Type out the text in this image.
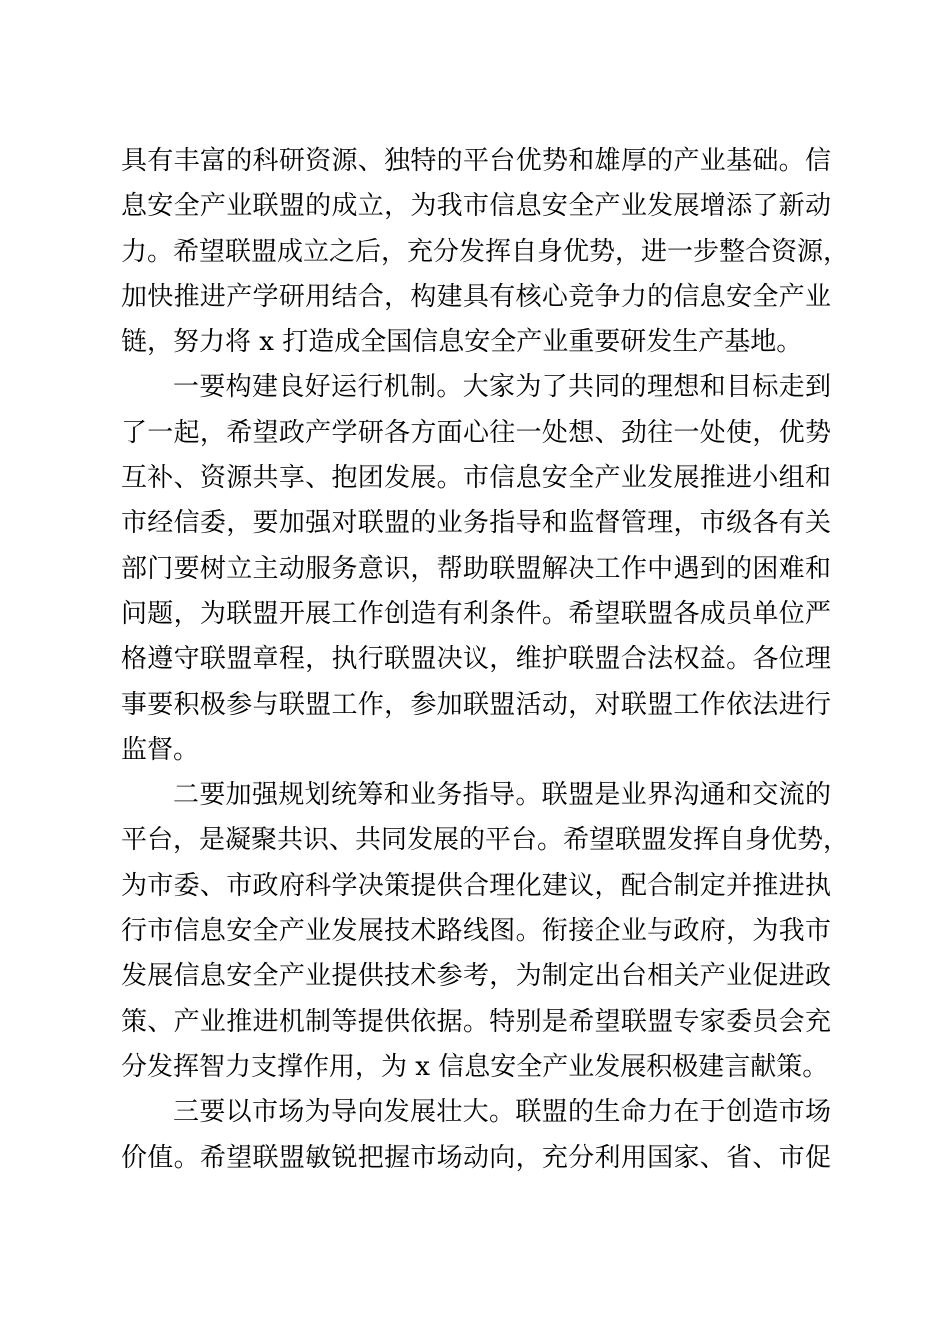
具有丰富的科研资源、独特的平台优势和雄厚的产业基础。信
息安全产业联盟的成立，为我市信息安全产业发展增添了新动
力。希望联盟成立之后，充分发挥自身优势，进一步整合资源，
加快推进产学研用结合，构建具有核心竞争力的信息安全产业
链，努力将 x 打造成全国信息安全产业重要研发生产基地。
一要构建良好运行机制。大家为了共同的理想和目标走到
了一起，希望政产学研各方面心往一处想、劲往一处使，优势
互补、资源共享、抱团发展。市信息安全产业发展推进小组和
市经信委，要加强对联盟的业务指导和监督管理，市级各有关
部门要树立主动服务意识，帮助联盟解决工作中遇到的困难和
问题，为联盟开展工作创造有利条件。希望联盟各成员单位严
格遵守联盟章程，执行联盟决议，维护联盟合法权益。各位理
事要积极参与联盟工作，参加联盟活动，对联盟工作依法进行
监督。
二要加强规划统筹和业务指导。联盟是业界沟通和交流的
平台，是凝聚共识、共同发展的平台。希望联盟发挥自身优势，
为市委、市政府科学决策提供合理化建议，配合制定并推进执
行市信息安全产业发展技术路线图。衔接企业与政府，为我市
发展信息安全产业提供技术参考，为制定出台相关产业促进政
策、产业推进机制等提供依据。特别是希望联盟专家委员会充
分发挥智力支撑作用，为 x 信息安全产业发展积极建言献策。
三要以市场为导向发展壮大。联盟的生命力在于创造市场
价值。希望联盟敏锐把握市场动向，充分利用国家、省、市促
